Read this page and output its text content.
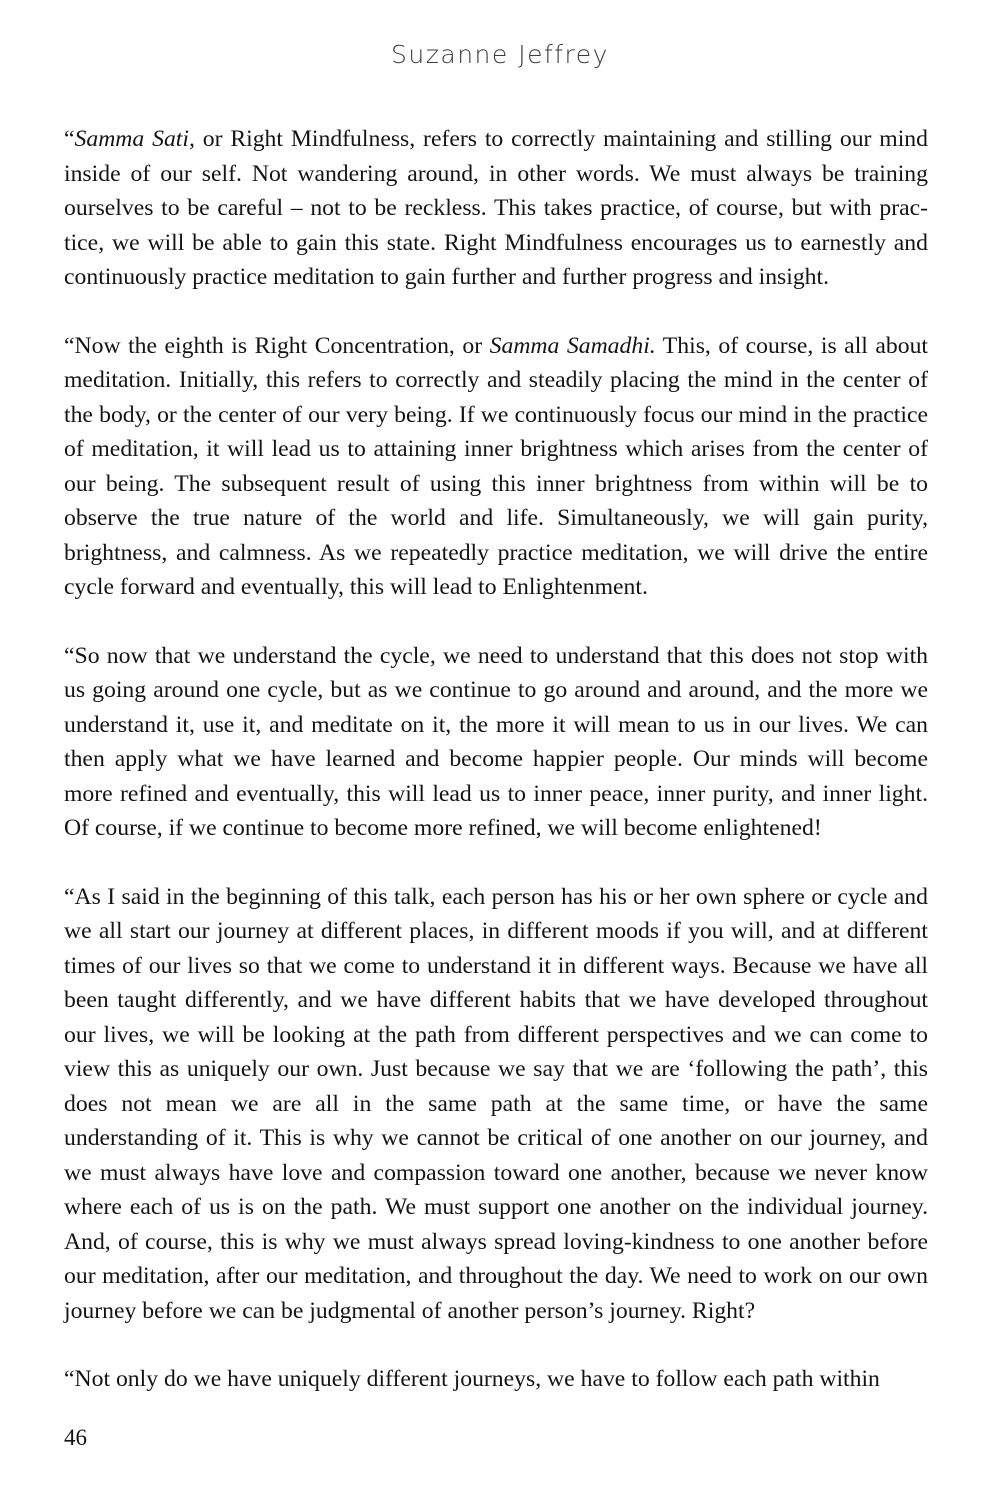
Suzanne Jeffrey

“Samma Sati, or Right Mindfulness, refers to correctly maintaining and stilling our mind inside of our self. Not wandering around, in other words. We must always be training ourselves to be careful – not to be reckless. This takes practice, of course, but with practice, we will be able to gain this state. Right Mindfulness encourages us to earnestly and continuously practice meditation to gain further and further progress and insight.

“Now the eighth is Right Concentration, or Samma Samadhi. This, of course, is all about meditation. Initially, this refers to correctly and steadily placing the mind in the center of the body, or the center of our very being. If we continuously focus our mind in the practice of meditation, it will lead us to attaining inner brightness which arises from the center of our being. The subsequent result of using this inner brightness from within will be to observe the true nature of the world and life. Simultaneously, we will gain purity, brightness, and calmness. As we repeatedly practice meditation, we will drive the entire cycle forward and eventually, this will lead to Enlightenment.

“So now that we understand the cycle, we need to understand that this does not stop with us going around one cycle, but as we continue to go around and around, and the more we understand it, use it, and meditate on it, the more it will mean to us in our lives. We can then apply what we have learned and become happier people. Our minds will become more refined and eventually, this will lead us to inner peace, inner purity, and inner light. Of course, if we continue to become more refined, we will become enlightened!

“As I said in the beginning of this talk, each person has his or her own sphere or cycle and we all start our journey at different places, in different moods if you will, and at different times of our lives so that we come to understand it in different ways. Because we have all been taught differently, and we have different habits that we have developed throughout our lives, we will be looking at the path from different perspectives and we can come to view this as uniquely our own. Just because we say that we are ‘following the path’, this does not mean we are all in the same path at the same time, or have the same understanding of it. This is why we cannot be critical of one another on our journey, and we must always have love and compassion toward one another, because we never know where each of us is on the path. We must support one another on the individual journey. And, of course, this is why we must always spread loving-kindness to one another before our meditation, after our meditation, and throughout the day. We need to work on our own journey before we can be judgmental of another person’s journey. Right?

“Not only do we have uniquely different journeys, we have to follow each path within

46
